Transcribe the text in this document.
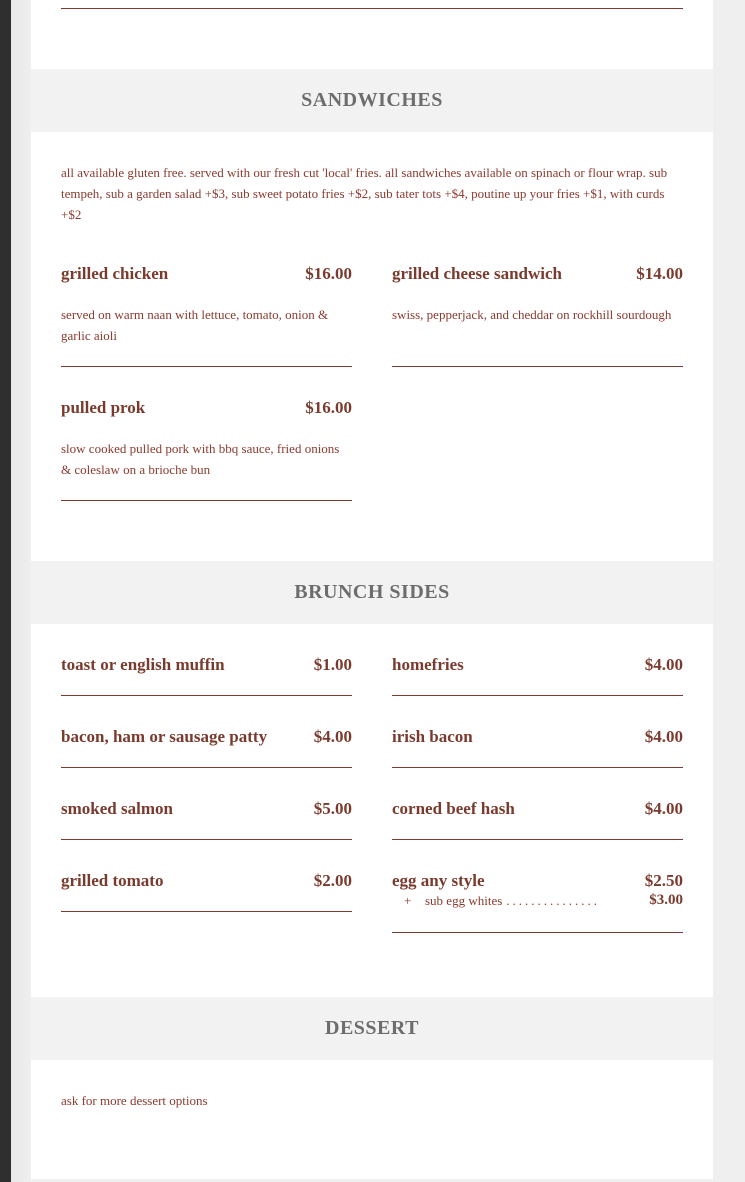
SANDWICHES
all available gluten free. served with our fresh cut 'local' fries. all sandwiches available on spinach or flour wrap. sub tempeh, sub a garden salad +$3, sub sweet potato fries +$2, sub tater tots +$4, poutine up your fries +$1, with curds +$2
grilled chicken	$16.00
served on warm naan with lettuce, tomato, onion & garlic aioli
grilled cheese sandwich	$14.00
swiss, pepperjack, and cheddar on rockhill sourdough
pulled prok	$16.00
slow cooked pulled pork with bbq sauce, fried onions & coleslaw on a brioche bun
BRUNCH SIDES
toast or english muffin	$1.00 homefries	$4.00
bacon, ham or sausage patty	$4.00 irish bacon	$4.00
smoked salmon	$5.00 corned beef hash	$4.00
grilled tomato	$2.00 egg any style	$2.50
+	sub egg whites ...............	$3.00
DESSERT
ask for more dessert options
